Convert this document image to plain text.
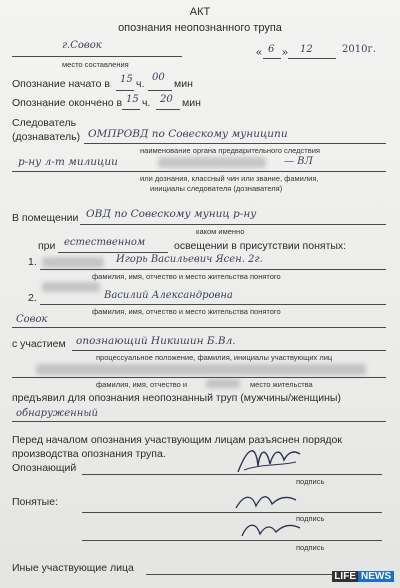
АКТ
опознания неопознанного трупа
г.Совок
место составления
« 6 » 12	2010г.
Опознание начато в 15 ч.
00
мин
Опознание окончено в 15 ч. 20 мин
Следователь
(дознаватель) ОМПРОВД по Совескому муниципи
наименование органа предварительного следствия
р-ну л-т милиции	— ВЛ
или дознания, классный чин или звание, фамилия,
инициалы следователя (дознавателя)
В помещении ОВД по Совескому муниц р-ну
каком именно
при естественном	освещении в присутствии понятых:
1.	Игорь Васильевич Ясен. 2г.
фамилия, имя, отчество и место жительства понятого
2.	Василий Александровна
Совок
фамилия, имя, отчество и место жительства понятого
с участием опознающий Никишин Б.Вл.
процессуальное положение, фамилия, инициалы участвующих лиц
фамилия, имя, отчество и	место жительства
предъявил для опознания неопознанный труп (мужчины/женщины)
обнаруженный
Перед началом опознания участвующим лицам разъяснен порядок
производства опознания трупа.
Опознающий
подпись
Понятые:
подпись
подпись
Иные участвующие лица
LIFE NEWS
